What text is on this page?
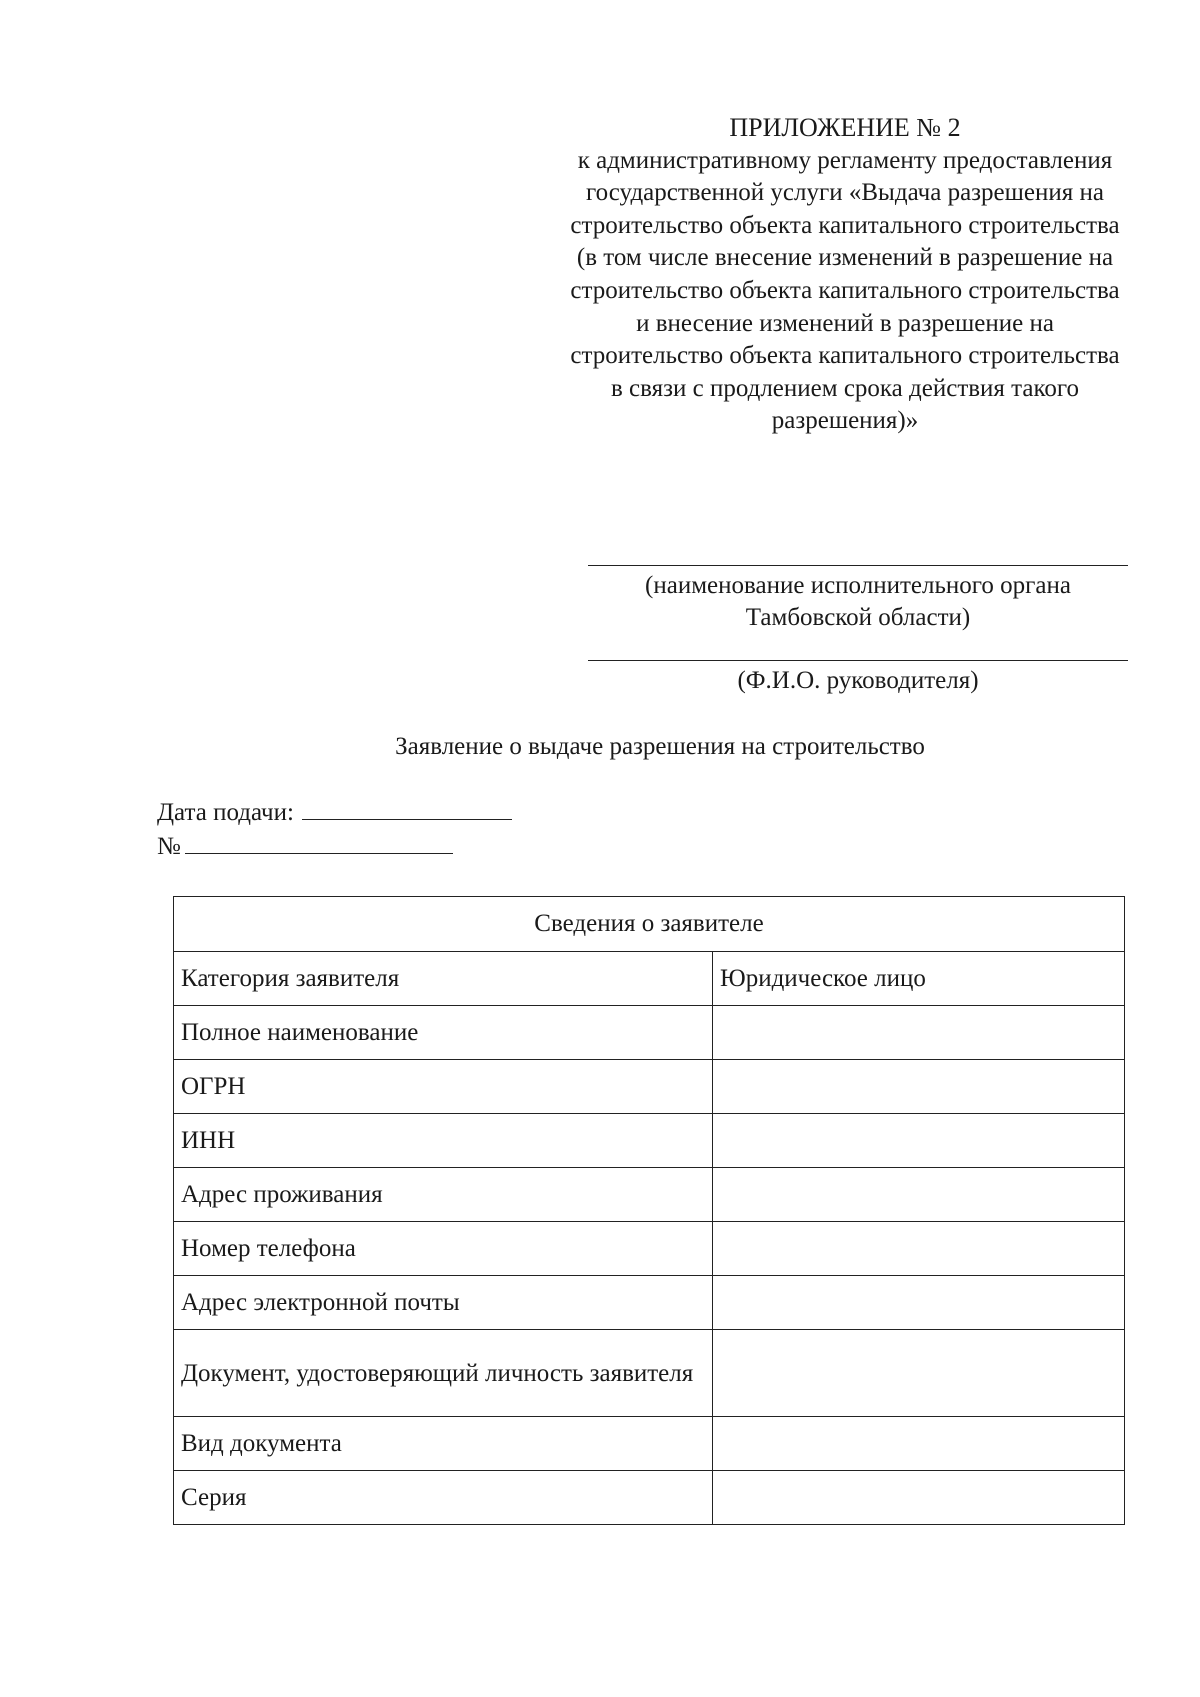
ПРИЛОЖЕНИЕ № 2
к административному регламенту предоставления
государственной услуги «Выдача разрешения на
строительство объекта капитального строительства
(в том числе внесение изменений в разрешение на
строительство объекта капитального строительства
и внесение изменений в разрешение на
строительство объекта капитального строительства
в связи с продлением срока действия такого
разрешения)»
(наименование исполнительного органа
Тамбовской области)
(Ф.И.О. руководителя)
Заявление о выдаче разрешения на строительство
Дата подачи:
№
Сведения о заявителе	
Категория заявителя	Юридическое лицо
Полное наименование	
ОГРН	
ИНН	
Адрес проживания	
Номер телефона	
Адрес электронной почты	
Документ, удостоверяющий личность заявителя	
Вид документа	
Серия	
